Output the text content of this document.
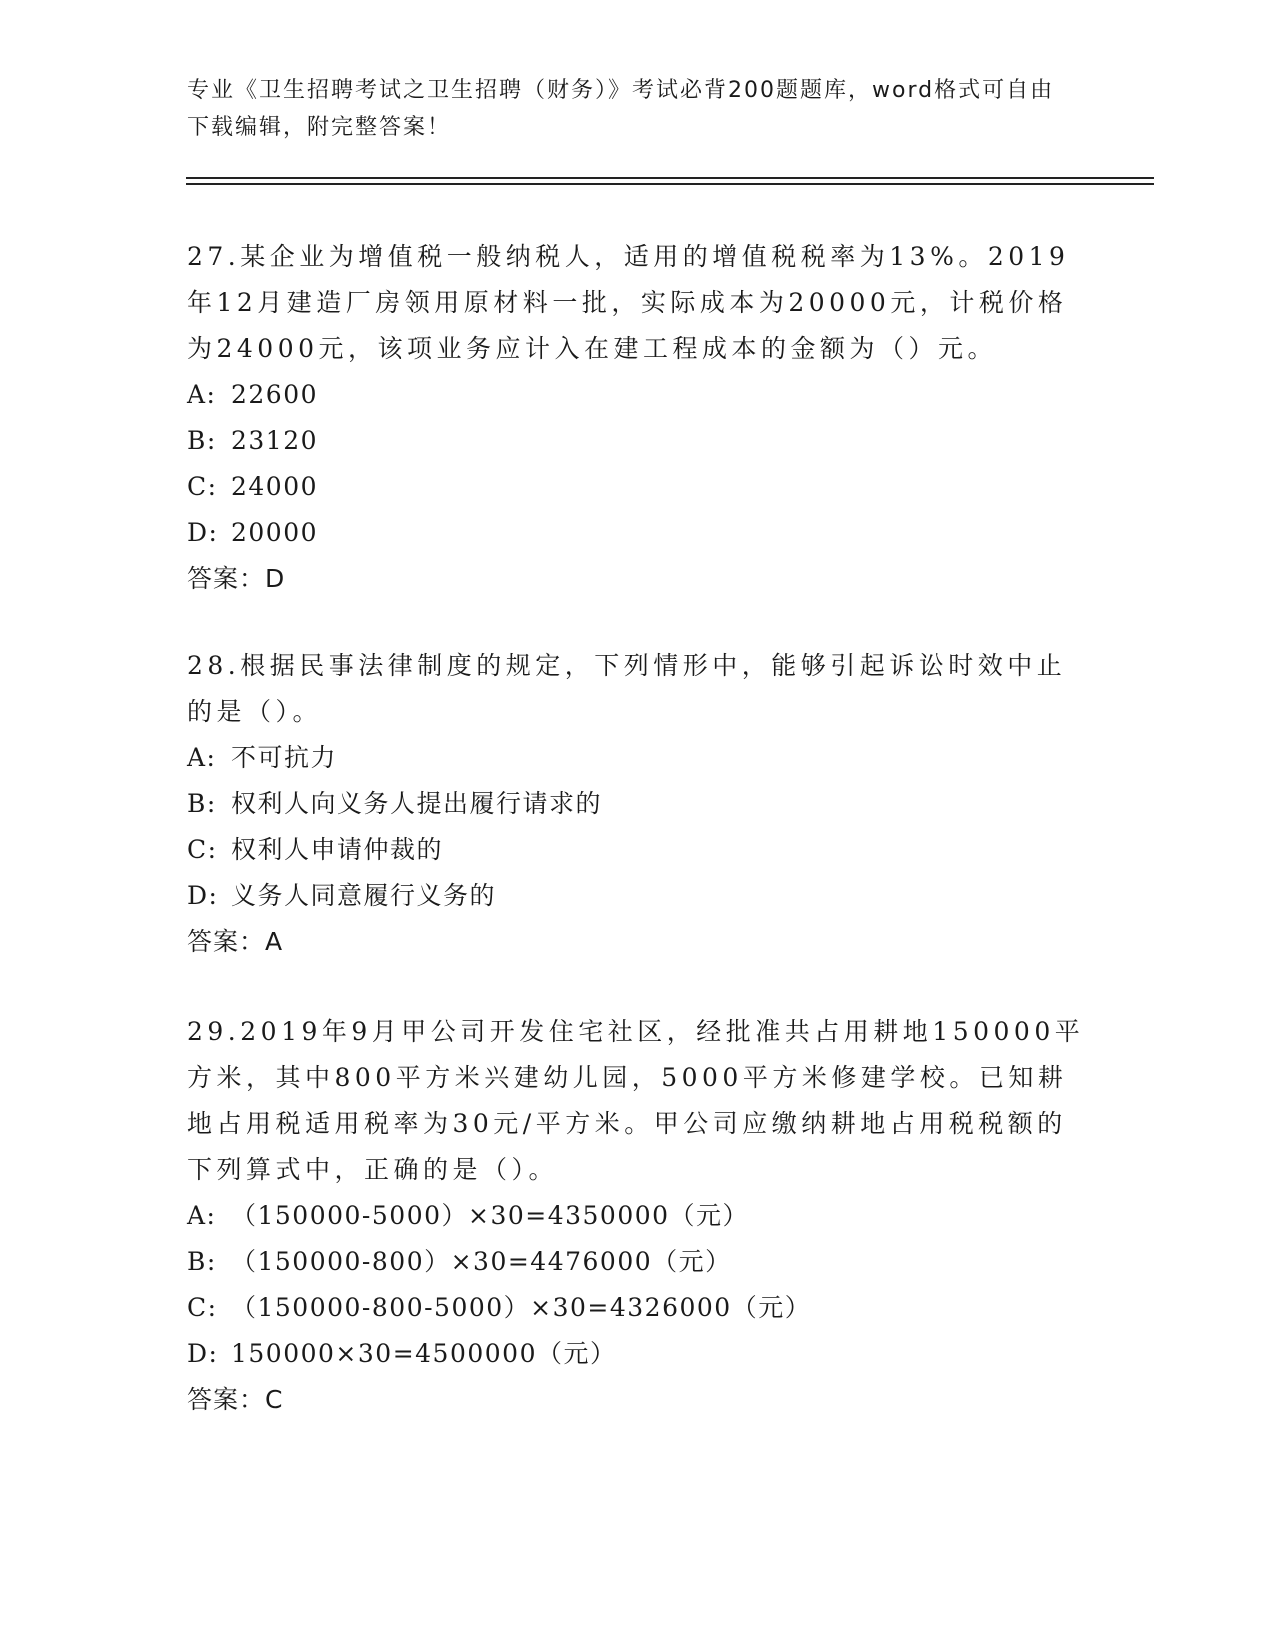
专业《卫生招聘考试之卫生招聘（财务）》考试必背200题题库，word格式可自由下载编辑，附完整答案！

27.某企业为增值税一般纳税人，适用的增值税税率为13%。2019年12月建造厂房领用原材料一批，实际成本为20000元，计税价格为24000元，该项业务应计入在建工程成本的金额为（）元。

A: 22600

B: 23120

C: 24000

D: 20000

答案：D

28.根据民事法律制度的规定，下列情形中，能够引起诉讼时效中止的是（）。

A: 不可抗力

B: 权利人向义务人提出履行请求的

C: 权利人申请仲裁的

D: 义务人同意履行义务的

答案：A

29.2019年9月甲公司开发住宅社区，经批准共占用耕地150000平方米，其中800平方米兴建幼儿园，5000平方米修建学校。已知耕地占用税适用税率为30元/平方米。甲公司应缴纳耕地占用税税额的下列算式中，正确的是（）。

A: （150000-5000）×30=4350000（元）

B: （150000-800）×30=4476000（元）

C: （150000-800-5000）×30=4326000（元）

D: 150000×30=4500000（元）

答案：C
